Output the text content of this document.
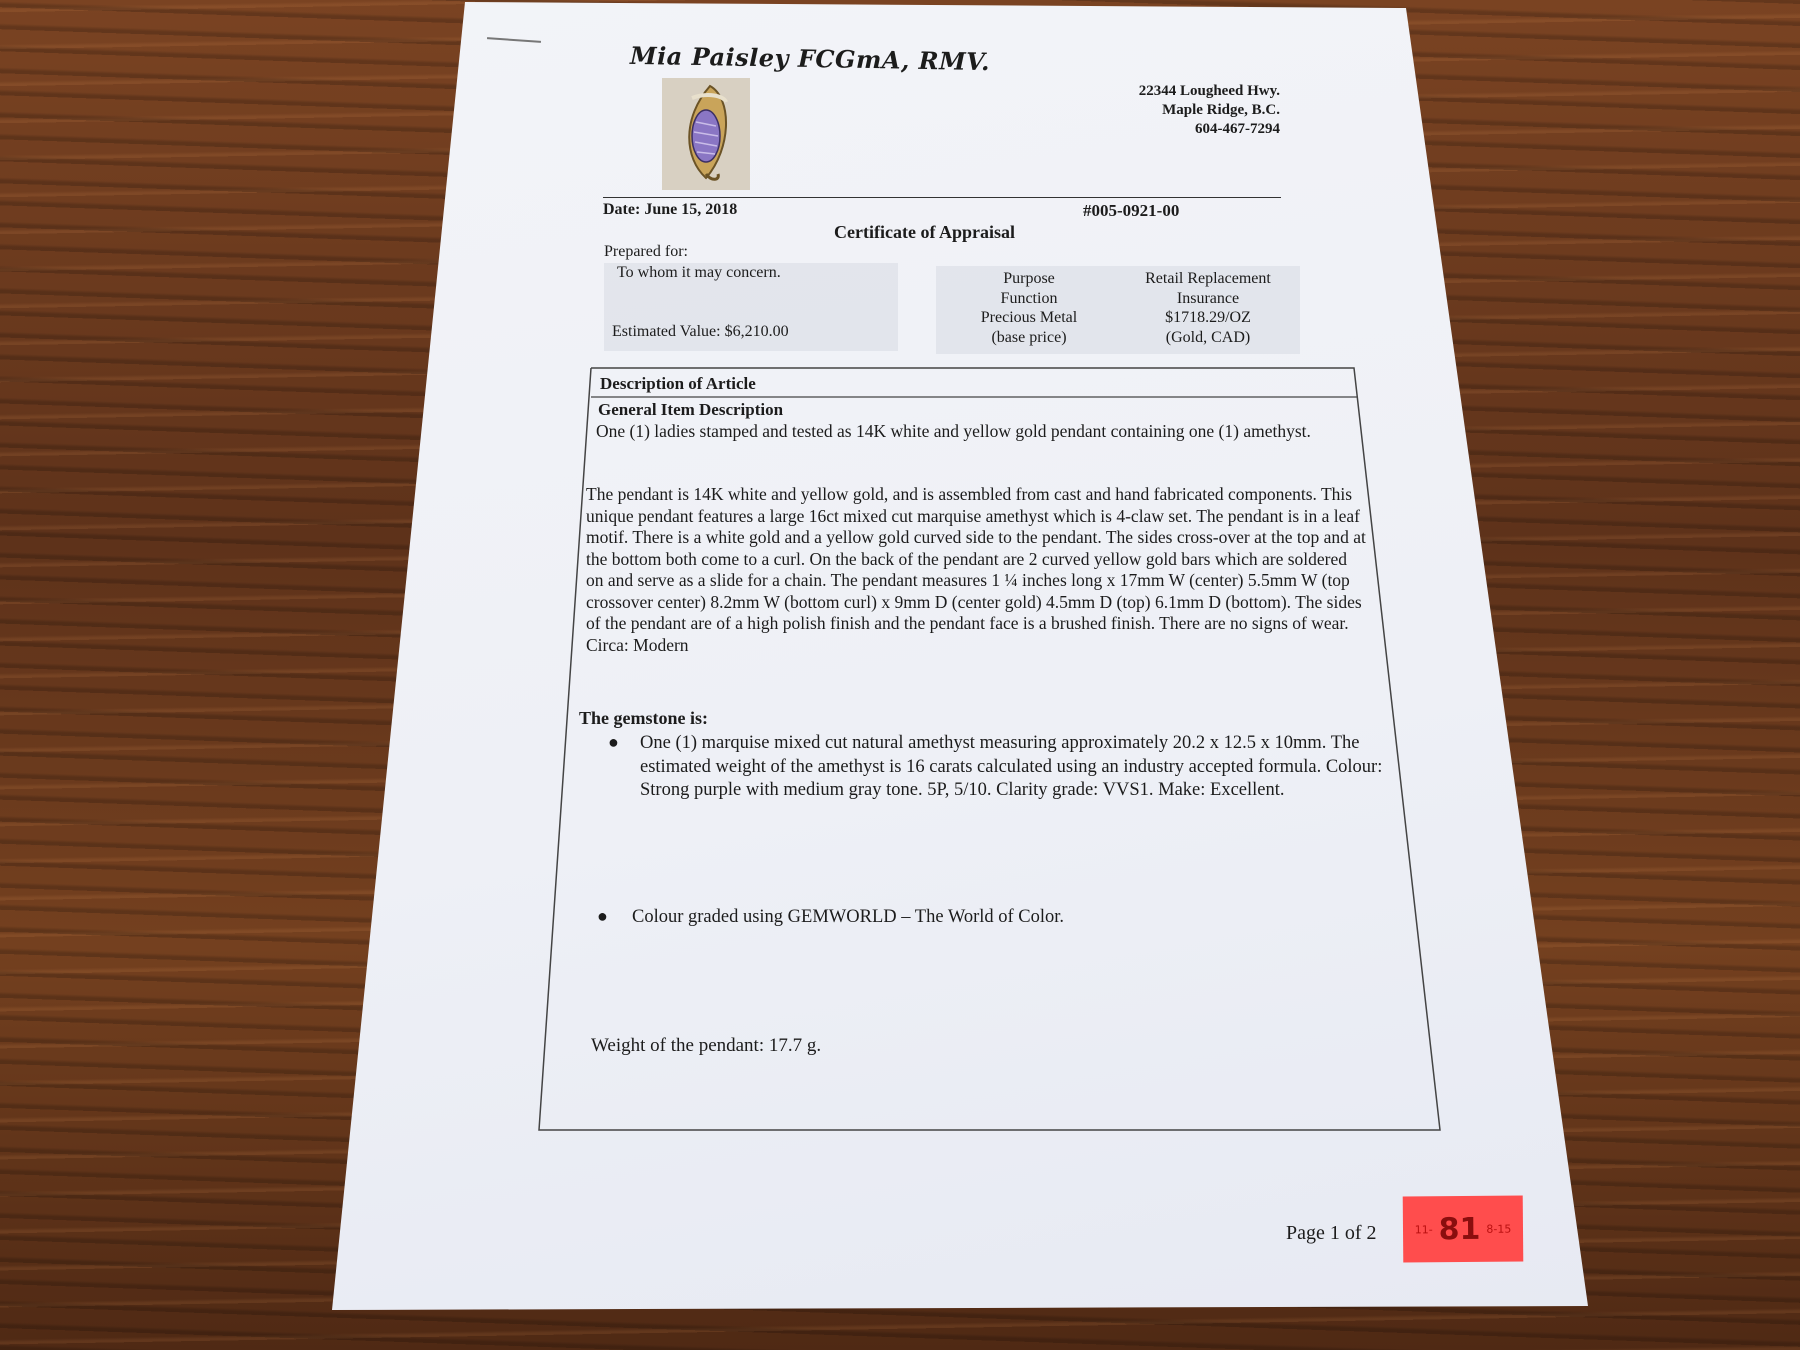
Mia Paisley FCGmA, RMV.
22344 Lougheed Hwy.
Maple Ridge, B.C.
604-467-7294
Date: June 15, 2018	#005-0921-00
Certificate of Appraisal
Prepared for:
To whom it may concern.
Estimated Value: $6,210.00
Purpose
Function
Precious Metal
(base price)
Retail Replacement
Insurance
$1718.29/OZ
(Gold, CAD)
Description of Article
General Item Description
One (1) ladies stamped and tested as 14K white and yellow gold pendant containing one (1) amethyst.
The pendant is 14K white and yellow gold, and is assembled from cast and hand fabricated components. This unique pendant features a large 16ct mixed cut marquise amethyst which is 4-claw set. The pendant is in a leaf motif. There is a white gold and a yellow gold curved side to the pendant. The sides cross-over at the top and at the bottom both come to a curl. On the back of the pendant are 2 curved yellow gold bars which are soldered on and serve as a slide for a chain. The pendant measures 1 ¼ inches long x 17mm W (center) 5.5mm W (top crossover center) 8.2mm W (bottom curl) x 9mm D (center gold) 4.5mm D (top) 6.1mm D (bottom). The sides of the pendant are of a high polish finish and the pendant face is a brushed finish. There are no signs of wear. Circa: Modern
The gemstone is:
● One (1) marquise mixed cut natural amethyst measuring approximately 20.2 x 12.5 x 10mm. The estimated weight of the amethyst is 16 carats calculated using an industry accepted formula. Colour: Strong purple with medium gray tone. 5P, 5/10. Clarity grade: VVS1. Make: Excellent.
● Colour graded using GEMWORLD – The World of Color.
Weight of the pendant: 17.7 g.
Page 1 of 2	11- 81 8-15
